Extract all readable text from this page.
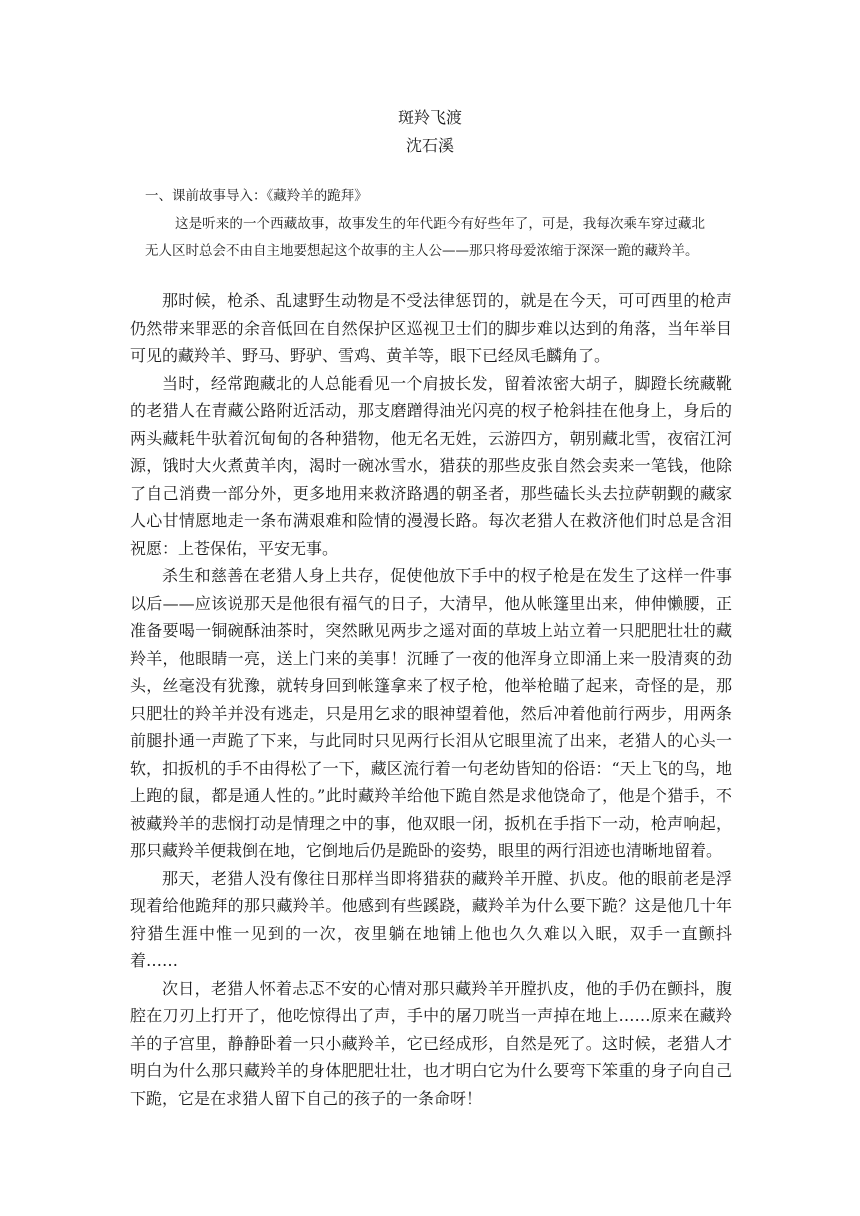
斑羚飞渡
沈石溪
一、课前故事导入：《藏羚羊的跪拜》

这是听来的一个西藏故事，故事发生的年代距今有好些年了，可是，我每次乘车穿过藏北无人区时总会不由自主地要想起这个故事的主人公——那只将母爱浓缩于深深一跪的藏羚羊。

那时候，枪杀、乱逮野生动物是不受法律惩罚的，就是在今天，可可西里的枪声仍然带来罪恶的余音低回在自然保护区巡视卫士们的脚步难以达到的角落，当年举目可见的藏羚羊、野马、野驴、雪鸡、黄羊等，眼下已经凤毛麟角了。

当时，经常跑藏北的人总能看见一个肩披长发，留着浓密大胡子，脚蹬长统藏靴的老猎人在青藏公路附近活动，那支磨蹭得油光闪亮的杈子枪斜挂在他身上，身后的两头藏耗牛驮着沉甸甸的各种猎物，他无名无姓，云游四方，朝别藏北雪，夜宿江河源，饿时大火煮黄羊肉，渴时一碗冰雪水，猎获的那些皮张自然会卖来一笔钱，他除了自己消费一部分外，更多地用来救济路遇的朝圣者，那些磕长头去拉萨朝觐的藏家人心甘情愿地走一条布满艰难和险情的漫漫长路。每次老猎人在救济他们时总是含泪祝愿：上苍保佑，平安无事。

杀生和慈善在老猎人身上共存，促使他放下手中的杈子枪是在发生了这样一件事以后——应该说那天是他很有福气的日子，大清早，他从帐篷里出来，伸伸懒腰，正准备要喝一铜碗酥油茶时，突然瞅见两步之遥对面的草坡上站立着一只肥肥壮壮的藏羚羊，他眼睛一亮，送上门来的美事！沉睡了一夜的他浑身立即涌上来一股清爽的劲头，丝毫没有犹豫，就转身回到帐篷拿来了杈子枪，他举枪瞄了起来，奇怪的是，那只肥壮的羚羊并没有逃走，只是用乞求的眼神望着他，然后冲着他前行两步，用两条前腿扑通一声跪了下来，与此同时只见两行长泪从它眼里流了出来，老猎人的心头一软，扣扳机的手不由得松了一下，藏区流行着一句老幼皆知的俗语：“天上飞的鸟，地上跑的鼠，都是通人性的。”此时藏羚羊给他下跪自然是求他饶命了，他是个猎手，不被藏羚羊的悲悯打动是情理之中的事，他双眼一闭，扳机在手指下一动，枪声响起，那只藏羚羊便栽倒在地，它倒地后仍是跪卧的姿势，眼里的两行泪迹也清晰地留着。

那天，老猎人没有像往日那样当即将猎获的藏羚羊开膛、扒皮。他的眼前老是浮现着给他跪拜的那只藏羚羊。他感到有些蹊跷，藏羚羊为什么要下跪？这是他几十年狩猎生涯中惟一见到的一次，夜里躺在地铺上他也久久难以入眠，双手一直颤抖着……

次日，老猎人怀着忐忑不安的心情对那只藏羚羊开膛扒皮，他的手仍在颤抖，腹腔在刀刃上打开了，他吃惊得出了声，手中的屠刀咣当一声掉在地上……原来在藏羚羊的子宫里，静静卧着一只小藏羚羊，它已经成形，自然是死了。这时候，老猎人才明白为什么那只藏羚羊的身体肥肥壮壮，也才明白它为什么要弯下笨重的身子向自己下跪，它是在求猎人留下自己的孩子的一条命呀！
